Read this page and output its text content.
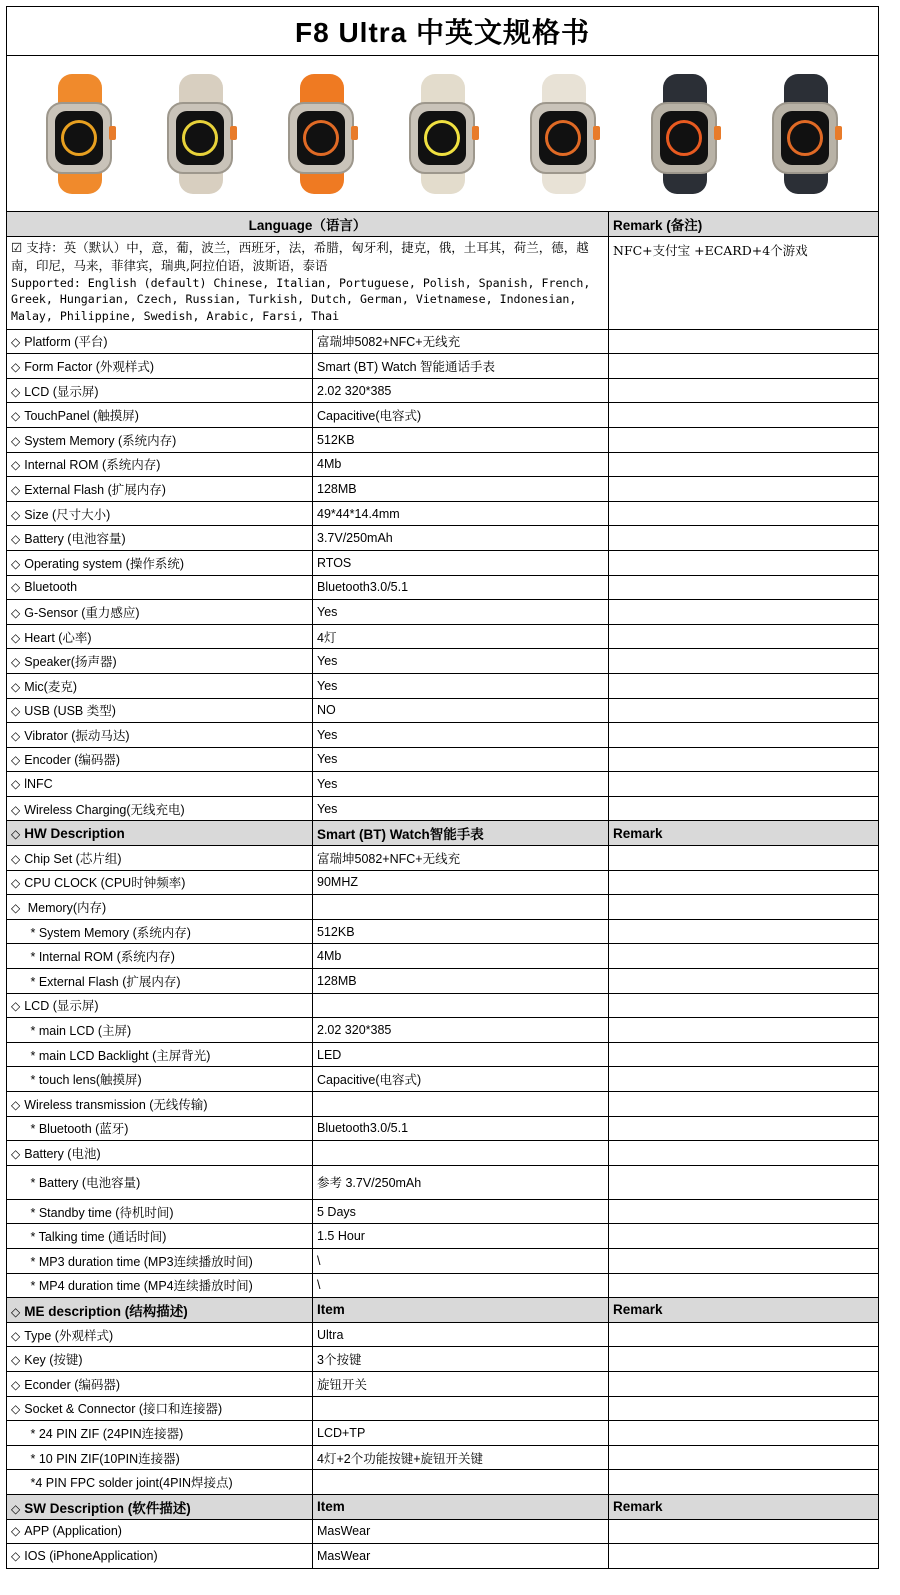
F8 Ultra 中英文规格书			

Language（语言）			Remark (备注)

☑ 支持：英（默认）中，意，葡，波兰，西班牙，法，希腊，匈牙利，捷克，俄，土耳其，荷兰，德，越南，印尼，马来，菲律宾，瑞典,阿拉伯语，波斯语，泰语
Supported: English (default) Chinese, Italian, Portuguese, Polish, Spanish, French, Greek, Hungarian, Czech, Russian, Turkish, Dutch, German, Vietnamese, Indonesian, Malay, Philippine, Swedish, Arabic, Farsi, Thai			NFC+支付宝 +ECARD+4个游戏
◇ Platform (平台)		富瑞坤5082+NFC+无线充	
◇ Form Factor (外观样式)		Smart (BT) Watch 智能通话手表	
◇ LCD (显示屏)		2.02 320*385	
◇ TouchPanel (触摸屏)		Capacitive(电容式)	
◇ System Memory (系统内存)		512KB	
◇ Internal ROM (系统内存)		4Mb	
◇ External Flash (扩展内存)		128MB	
◇ Size (尺寸大小)		49*44*14.4mm	
◇ Battery (电池容量)		3.7V/250mAh	
◇ Operating system (操作系统)		RTOS	
◇ Bluetooth		Bluetooth3.0/5.1	
◇ G-Sensor (重力感应)		Yes	
◇ Heart (心率)		4灯	
◇ Speaker(扬声器)		Yes	
◇ Mic(麦克)		Yes	
◇ USB (USB 类型)		NO	
◇ Vibrator (振动马达)		Yes	
◇ Encoder (编码器)		Yes	
◇ lNFC		Yes	
◇ Wireless Charging(无线充电)		Yes	
◇ HW Description		Smart (BT) Watch智能手表	Remark
◇ Chip Set (芯片组)		富瑞坤5082+NFC+无线充	
◇ CPU CLOCK (CPU时钟频率)		90MHZ	
◇ Memory(内存)			
	* System Memory (系统内存)	512KB	
	* Internal ROM (系统内存)	4Mb	
	* External Flash (扩展内存)	128MB	
◇ LCD (显示屏)			
	* main LCD (主屏)	2.02 320*385	
	* main LCD Backlight (主屏背光)	LED	
	* touch lens(触摸屏)	Capacitive(电容式)	
◇ Wireless transmission (无线传输)			
	* Bluetooth (蓝牙)	Bluetooth3.0/5.1	
◇ Battery (电池)			
	* Battery (电池容量)	参考 3.7V/250mAh	
	* Standby time (待机时间)	5 Days	
	* Talking time (通话时间)	1.5 Hour	
	* MP3 duration time (MP3连续播放时间)	\	
	* MP4 duration time (MP4连续播放时间)	\	
◇ ME description (结构描述)		Item	Remark
◇ Type (外观样式)		Ultra	
◇ Key (按键)		3个按键	
◇ Econder (编码器)		旋钮开关	
◇ Socket & Connector (接口和连接器)			
	* 24 PIN ZIF (24PIN连接器)	LCD+TP	
	* 10 PIN ZIF(10PIN连接器)	4灯+2个功能按键+旋钮开关键	
	*4 PIN FPC solder joint(4PIN焊接点)		
◇ SW Description (软件描述)		Item	Remark
◇ APP (Application)		MasWear	
◇ IOS (iPhoneApplication)		MasWear	
